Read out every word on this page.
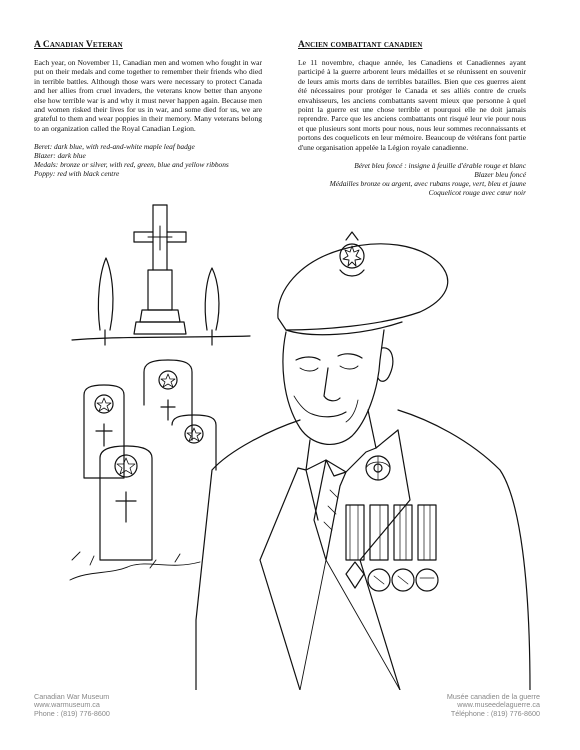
A Canadian Veteran

Each year, on November 11, Canadian men and women who fought in war put on their medals and come together to remember their friends who died in terrible battles. Although those wars were necessary to protect Canada and her allies from cruel invaders, the veterans know better than anyone else how terrible war is and why it must never happen again. Because men and women risked their lives for us in war, and some died for us, we are grateful to them and wear poppies in their memory. Many veterans belong to an organization called the Royal Canadian Legion.

Beret: dark blue, with red-and-white maple leaf badge
Blazer: dark blue
Medals: bronze or silver, with red, green, blue and yellow ribbons
Poppy: red with black centre
Ancien combattant canadien

Le 11 novembre, chaque année, les Canadiens et Canadiennes ayant participé à la guerre arborent leurs médailles et se réunissent en souvenir de leurs amis morts dans de terribles batailles. Bien que ces guerres aient été nécessaires pour protéger le Canada et ses alliés contre de cruels envahisseurs, les anciens combattants savent mieux que personne à quel point la guerre est une chose terrible et pourquoi elle ne doit jamais reprendre. Parce que les anciens combattants ont risqué leur vie pour nous et que plusieurs sont morts pour nous, nous leur sommes reconnaissants et portons des coquelicots en leur mémoire. Beaucoup de vétérans font partie d'une organisation appelée la Légion royale canadienne.

Béret bleu foncé : insigne à feuille d'érable rouge et blanc
Blazer bleu foncé
Médailles bronze ou argent, avec rubans rouge, vert, bleu et jaune
Coquelicot rouge avec cœur noir
Canadian War Museum
www.warmuseum.ca
Phone : (819) 776-8600
Musée canadien de la guerre
www.museedelaguerre.ca
Téléphone : (819) 776-8600
